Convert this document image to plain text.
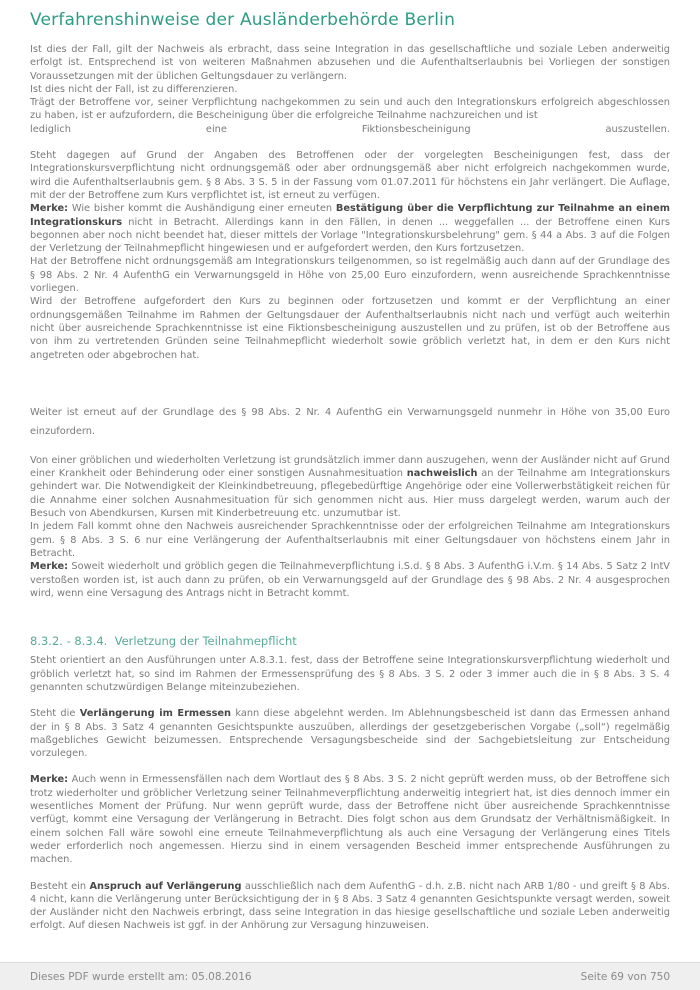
Verfahrenshinweise der Ausländerbehörde Berlin

Ist dies der Fall, gilt der Nachweis als erbracht, dass seine Integration in das gesellschaftliche und soziale Leben anderweitig erfolgt ist. Entsprechend ist von weiteren Maßnahmen abzusehen und die Aufenthaltserlaubnis bei Vorliegen der sonstigen Voraussetzungen mit der üblichen Geltungsdauer zu verlängern.
Ist dies nicht der Fall, ist zu differenzieren.
Trägt der Betroffene vor, seiner Verpflichtung nachgekommen zu sein und auch den Integrationskurs erfolgreich abgeschlossen zu haben, ist er aufzufordern, die Bescheinigung über die erfolgreiche Teilnahme nachzureichen und ist
lediglich eine Fiktionsbescheinigung auszustellen.

Steht dagegen auf Grund der Angaben des Betroffenen oder der vorgelegten Bescheinigungen fest, dass der Integrationskursverpflichtung nicht ordnungsgemäß oder aber ordnungsgemäß aber nicht erfolgreich nachgekommen wurde, wird die Aufenthaltserlaubnis gem. § 8 Abs. 3 S. 5 in der Fassung vom 01.07.2011 für höchstens ein Jahr verlängert. Die Auflage, mit der der Betroffene zum Kurs verpflichtet ist, ist erneut zu verfügen.
Merke: Wie bisher kommt die Aushändigung einer erneuten Bestätigung über die Verpflichtung zur Teilnahme an einem Integrationskurs nicht in Betracht. Allerdings kann in den Fällen, in denen ... weggefallen ... der Betroffene einen Kurs begonnen aber noch nicht beendet hat, dieser mittels der Vorlage "Integrationskursbelehrung" gem. § 44 a Abs. 3 auf die Folgen der Verletzung der Teilnahmepflicht hingewiesen und er aufgefordert werden, den Kurs fortzusetzen.
Hat der Betroffene nicht ordnungsgemäß am Integrationskurs teilgenommen, so ist regelmäßig auch dann auf der Grundlage des § 98 Abs. 2 Nr. 4 AufenthG ein Verwarnungsgeld in Höhe von 25,00 Euro einzufordern, wenn ausreichende Sprachkenntnisse vorliegen.
Wird der Betroffene aufgefordert den Kurs zu beginnen oder fortzusetzen und kommt er der Verpflichtung an einer ordnungsgemäßen Teilnahme im Rahmen der Geltungsdauer der Aufenthaltserlaubnis nicht nach und verfügt auch weiterhin nicht über ausreichende Sprachkenntnisse ist eine Fiktionsbescheinigung auszustellen und zu prüfen, ist ob der Betroffene aus von ihm zu vertretenden Gründen seine Teilnahmepflicht wiederholt sowie gröblich verletzt hat, in dem er den Kurs nicht angetreten oder abgebrochen hat.

Weiter ist erneut auf der Grundlage des § 98 Abs. 2 Nr. 4 AufenthG ein Verwarnungsgeld nunmehr in Höhe von 35,00 Euro einzufordern.

Von einer gröblichen und wiederholten Verletzung ist grundsätzlich immer dann auszugehen, wenn der Ausländer nicht auf Grund einer Krankheit oder Behinderung oder einer sonstigen Ausnahmesituation nachweislich an der Teilnahme am Integrationskurs gehindert war. Die Notwendigkeit der Kleinkindbetreuung, pflegebedürftige Angehörige oder eine Vollerwerbstätigkeit reichen für die Annahme einer solchen Ausnahmesituation für sich genommen nicht aus. Hier muss dargelegt werden, warum auch der Besuch von Abendkursen, Kursen mit Kinderbetreuung etc. unzumutbar ist.
In jedem Fall kommt ohne den Nachweis ausreichender Sprachkenntnisse oder der erfolgreichen Teilnahme am Integrationskurs gem. § 8 Abs. 3 S. 6 nur eine Verlängerung der Aufenthaltserlaubnis mit einer Geltungsdauer von höchstens einem Jahr in Betracht.
Merke: Soweit wiederholt und gröblich gegen die Teilnahmeverpflichtung i.S.d. § 8 Abs. 3 AufenthG i.V.m. § 14 Abs. 5 Satz 2 IntV verstoßen worden ist, ist auch dann zu prüfen, ob ein Verwarnungsgeld auf der Grundlage des § 98 Abs. 2 Nr. 4 ausgesprochen wird, wenn eine Versagung des Antrags nicht in Betracht kommt.

8.3.2. - 8.3.4.  Verletzung der Teilnahmepflicht

Steht orientiert an den Ausführungen unter A.8.3.1. fest, dass der Betroffene seine Integrationskursverpflichtung wiederholt und gröblich verletzt hat, so sind im Rahmen der Ermessensprüfung des § 8 Abs. 3 S. 2 oder 3 immer auch die in § 8 Abs. 3 S. 4 genannten schutzwürdigen Belange miteinzubeziehen.

Steht die Verlängerung im Ermessen kann diese abgelehnt werden. Im Ablehnungsbescheid ist dann das Ermessen anhand der in § 8 Abs. 3 Satz 4 genannten Gesichtspunkte auszuüben, allerdings der gesetzgeberischen Vorgabe („soll“) regelmäßig maßgebliches Gewicht beizumessen. Entsprechende Versagungsbescheide sind der Sachgebietsleitung zur Entscheidung vorzulegen.

Merke: Auch wenn in Ermessensfällen nach dem Wortlaut des § 8 Abs. 3 S. 2 nicht geprüft werden muss, ob der Betroffene sich trotz wiederholter und gröblicher Verletzung seiner Teilnahmeverpflichtung anderweitig integriert hat, ist dies dennoch immer ein wesentliches Moment der Prüfung. Nur wenn geprüft wurde, dass der Betroffene nicht über ausreichende Sprachkenntnisse verfügt, kommt eine Versagung der Verlängerung in Betracht. Dies folgt schon aus dem Grundsatz der Verhältnismäßigkeit. In einem solchen Fall wäre sowohl eine erneute Teilnahmeverpflichtung als auch eine Versagung der Verlängerung eines Titels weder erforderlich noch angemessen. Hierzu sind in einem versagenden Bescheid immer entsprechende Ausführungen zu machen.

Besteht ein Anspruch auf Verlängerung ausschließlich nach dem AufenthG - d.h. z.B. nicht nach ARB 1/80 - und greift § 8 Abs. 4 nicht, kann die Verlängerung unter Berücksichtigung der in § 8 Abs. 3 Satz 4 genannten Gesichtspunkte versagt werden, soweit der Ausländer nicht den Nachweis erbringt, dass seine Integration in das hiesige gesellschaftliche und soziale Leben anderweitig erfolgt. Auf diesen Nachweis ist ggf. in der Anhörung zur Versagung hinzuweisen.

Dieses PDF wurde erstellt am: 05.08.2016	Seite 69 von 750
